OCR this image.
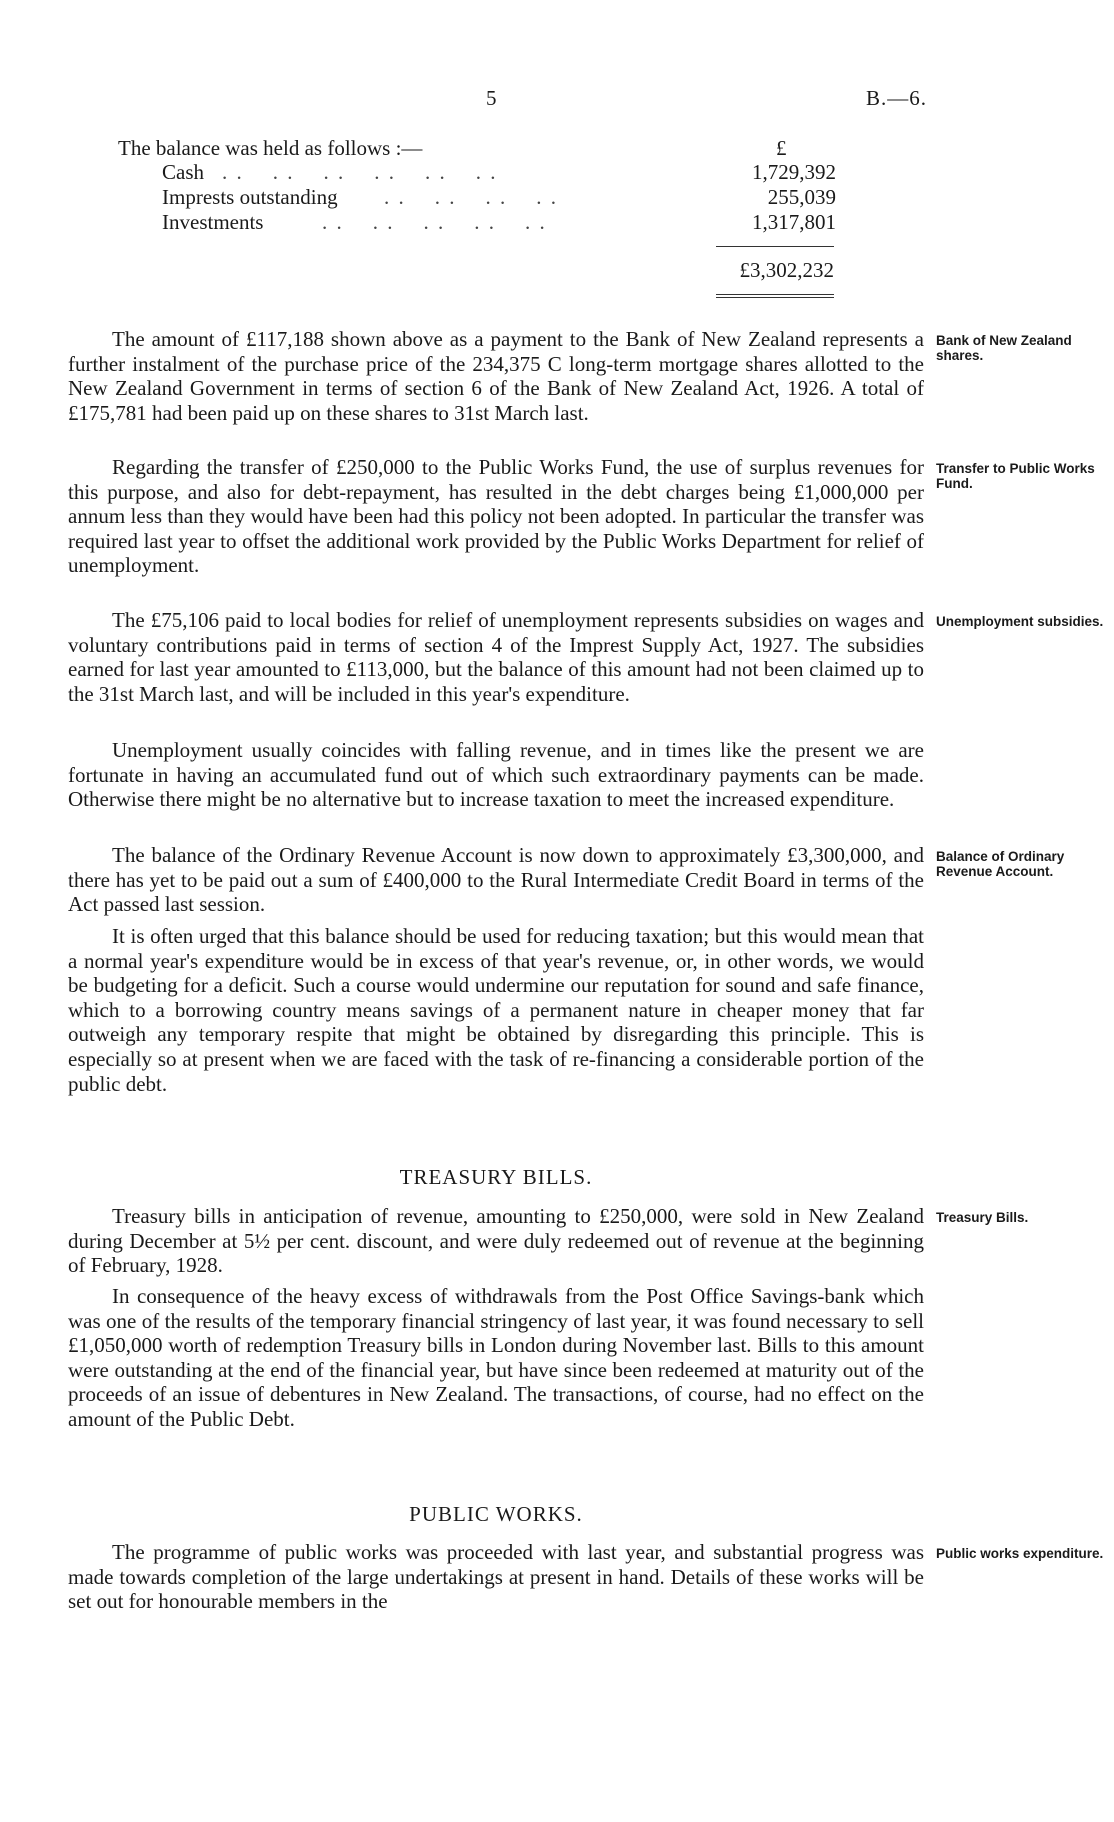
5	B.—6.
The balance was held as follows :—	£
Cash . .    . .    . .    . .    . .    . .	1,729,392
Imprests outstanding . .    . .    . .    . .	255,039
Investments	. .    . .    . .    . .    . .	1,317,801
£3,302,232

The amount of £117,188 shown above as a payment to the Bank of New Zealand represents a further instalment of the purchase price of the 234,375 C long-term mortgage shares allotted to the New Zealand Government in terms of section 6 of the Bank of New Zealand Act, 1926. A total of £175,781 had been paid up on these shares to 31st March last.

Bank of New Zealand shares.

Regarding the transfer of £250,000 to the Public Works Fund, the use of surplus revenues for this purpose, and also for debt-repayment, has resulted in the debt charges being £1,000,000 per annum less than they would have been had this policy not been adopted. In particular the transfer was required last year to offset the additional work provided by the Public Works Department for relief of unemployment.

Transfer to Public Works Fund.

The £75,106 paid to local bodies for relief of unemployment represents subsidies on wages and voluntary contributions paid in terms of section 4 of the Imprest Supply Act, 1927. The subsidies earned for last year amounted to £113,000, but the balance of this amount had not been claimed up to the 31st March last, and will be included in this year's expenditure.

Unemployment subsidies.

Unemployment usually coincides with falling revenue, and in times like the present we are fortunate in having an accumulated fund out of which such extraordinary payments can be made. Otherwise there might be no alternative but to increase taxation to meet the increased expenditure.

The balance of the Ordinary Revenue Account is now down to approximately £3,300,000, and there has yet to be paid out a sum of £400,000 to the Rural Intermediate Credit Board in terms of the Act passed last session.

Balance of Ordinary Revenue Account.

It is often urged that this balance should be used for reducing taxation; but this would mean that a normal year's expenditure would be in excess of that year's revenue, or, in other words, we would be budgeting for a deficit. Such a course would undermine our reputation for sound and safe finance, which to a borrowing country means savings of a permanent nature in cheaper money that far outweigh any temporary respite that might be obtained by disregarding this principle. This is especially so at present when we are faced with the task of re-financing a considerable portion of the public debt.

TREASURY BILLS.

Treasury bills in anticipation of revenue, amounting to £250,000, were sold in New Zealand during December at 5½ per cent. discount, and were duly redeemed out of revenue at the beginning of February, 1928.

Treasury Bills.

In consequence of the heavy excess of withdrawals from the Post Office Savings-bank which was one of the results of the temporary financial stringency of last year, it was found necessary to sell £1,050,000 worth of redemption Treasury bills in London during November last. Bills to this amount were outstanding at the end of the financial year, but have since been redeemed at maturity out of the proceeds of an issue of debentures in New Zealand. The transactions, of course, had no effect on the amount of the Public Debt.

PUBLIC WORKS.

The programme of public works was proceeded with last year, and substantial progress was made towards completion of the large undertakings at present in hand. Details of these works will be set out for honourable members in the

Public works expenditure.
